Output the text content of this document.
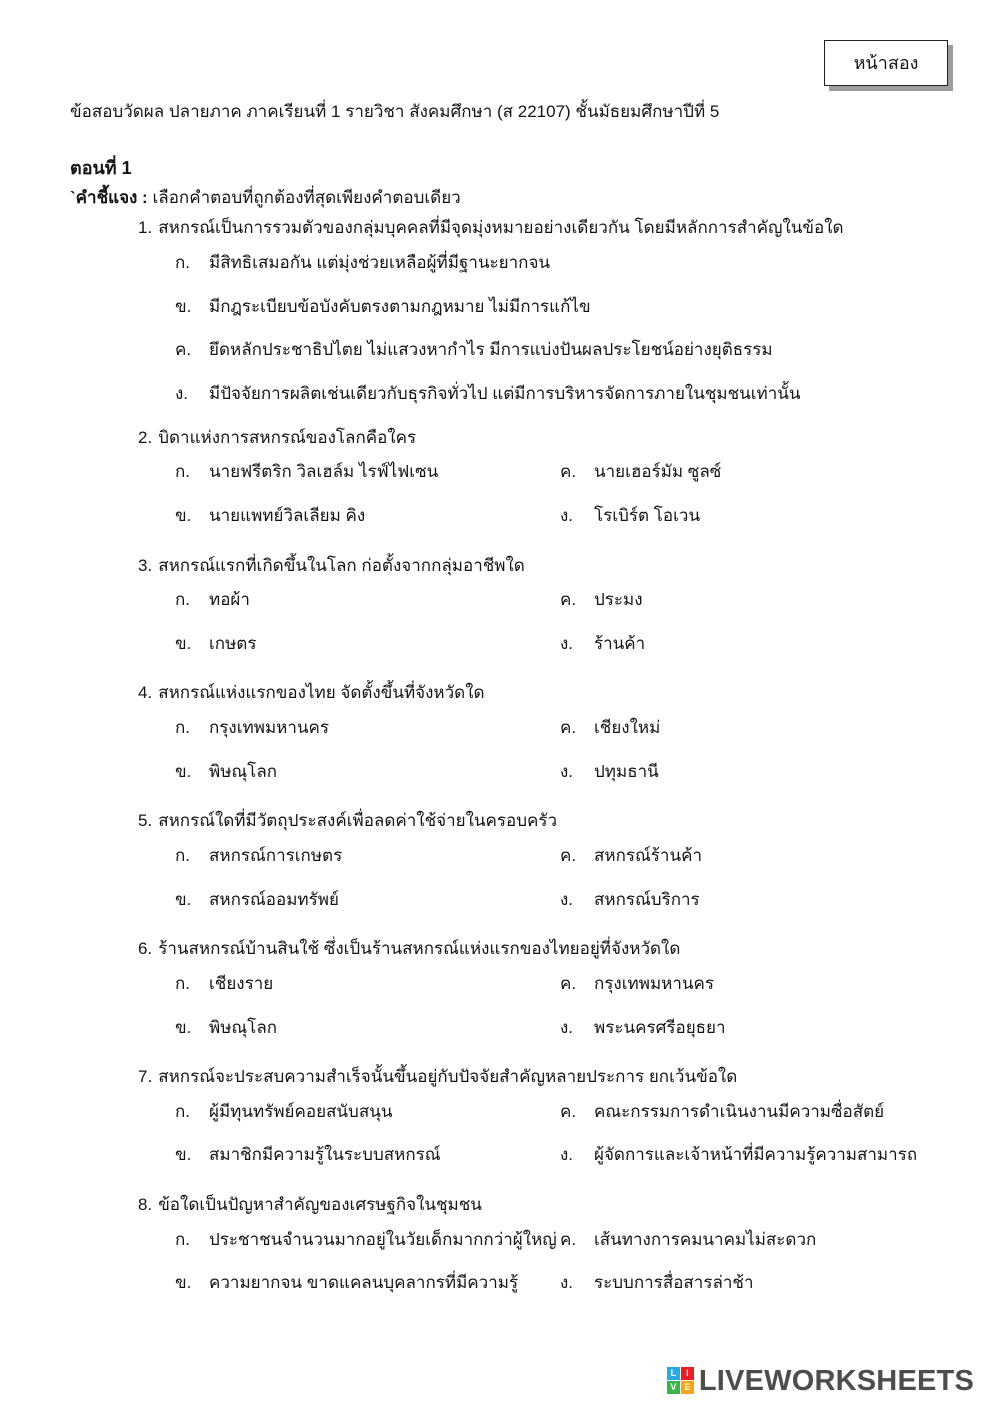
หน้าสอง
ข้อสอบวัดผล ปลายภาค ภาคเรียนที่ 1 รายวิชา สังคมศึกษา (ส 22107) ชั้นมัธยมศึกษาปีที่ 5
ตอนที่ 1
`คำชี้แจง : เลือกคำตอบที่ถูกต้องที่สุดเพียงคำตอบเดียว
1. สหกรณ์เป็นการรวมตัวของกลุ่มบุคคลที่มีจุดมุ่งหมายอย่างเดียวกัน โดยมีหลักการสำคัญในข้อใด
ก. มีสิทธิเสมอกัน แต่มุ่งช่วยเหลือผู้ที่มีฐานะยากจน
ข. มีกฎระเบียบข้อบังคับตรงตามกฎหมาย ไม่มีการแก้ไข
ค. ยึดหลักประชาธิปไตย ไม่แสวงหากำไร มีการแบ่งปันผลประโยชน์อย่างยุติธรรม
ง. มีปัจจัยการผลิตเช่นเดียวกับธุรกิจทั่วไป แต่มีการบริหารจัดการภายในชุมชนเท่านั้น
2. บิดาแห่งการสหกรณ์ของโลกคือใคร
ก. นายฟรีตริก วิลเฮล์ม ไรฟ์ไฟเซน
ข. นายแพทย์วิลเลียม คิง
ค. นายเฮอร์มัม ซูลซ์
ง. โรเบิร์ต โอเวน
3. สหกรณ์แรกที่เกิดขึ้นในโลก ก่อตั้งจากกลุ่มอาชีพใด
ก. ทอผ้า
ข. เกษตร
ค. ประมง
ง. ร้านค้า
4. สหกรณ์แห่งแรกของไทย จัดตั้งขึ้นที่จังหวัดใด
ก. กรุงเทพมหานคร
ข. พิษณุโลก
ค. เชียงใหม่
ง. ปทุมธานี
5. สหกรณ์ใดที่มีวัตถุประสงค์เพื่อลดค่าใช้จ่ายในครอบครัว
ก. สหกรณ์การเกษตร
ข. สหกรณ์ออมทรัพย์
ค. สหกรณ์ร้านค้า
ง. สหกรณ์บริการ
6. ร้านสหกรณ์บ้านสินใช้ ซึ่งเป็นร้านสหกรณ์แห่งแรกของไทยอยู่ที่จังหวัดใด
ก. เชียงราย
ข. พิษณุโลก
ค. กรุงเทพมหานคร
ง. พระนครศรีอยุธยา
7. สหกรณ์จะประสบความสำเร็จนั้นขึ้นอยู่กับปัจจัยสำคัญหลายประการ ยกเว้นข้อใด
ก. ผู้มีทุนทรัพย์คอยสนับสนุน
ข. สมาชิกมีความรู้ในระบบสหกรณ์
ค. คณะกรรมการดำเนินงานมีความซื่อสัตย์
ง. ผู้จัดการและเจ้าหน้าที่มีความรู้ความสามารถ
8. ข้อใดเป็นปัญหาสำคัญของเศรษฐกิจในชุมชน
ก. ประชาชนจำนวนมากอยู่ในวัยเด็กมากกว่าผู้ใหญ่
ข. ความยากจน ขาดแคลนบุคลากรที่มีความรู้
ค. เส้นทางการคมนาคมไม่สะดวก
ง. ระบบการสื่อสารล่าช้า
L	I
V E LIVEWORKSHEETS
